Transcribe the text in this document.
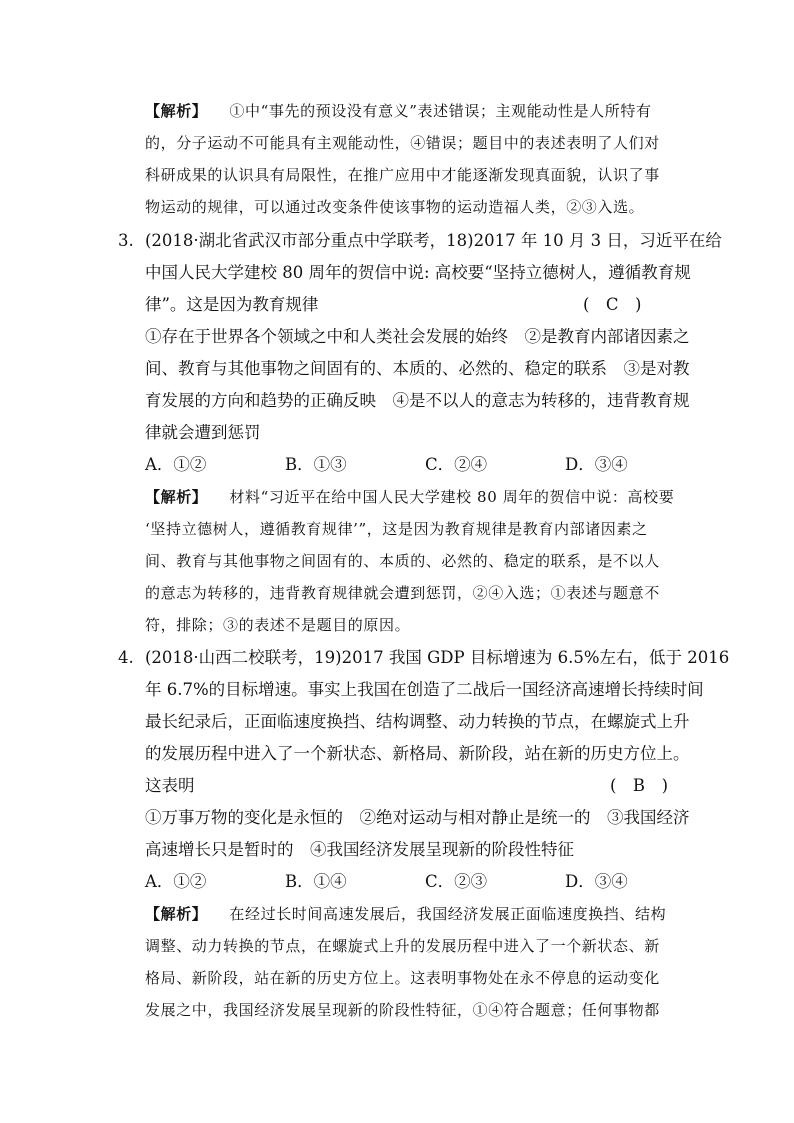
【解析】 ①中“事先的预设没有意义”表述错误；主观能动性是人所特有
的，分子运动不可能具有主观能动性，④错误；题目中的表述表明了人们对
科研成果的认识具有局限性，在推广应用中才能逐渐发现真面貌，认识了事
物运动的规律，可以通过改变条件使该事物的运动造福人类，②③入选。
3. (2018·湖北省武汉市部分重点中学联考，18)2017 年 10 月 3 日，习近平在给
中国人民大学建校 80 周年的贺信中说: 高校要“坚持立德树人，遵循教育规
律”。这是因为教育规律	(　C　)
①存在于世界各个领域之中和人类社会发展的始终　②是教育内部诸因素之
间、教育与其他事物之间固有的、本质的、必然的、稳定的联系　③是对教
育发展的方向和趋势的正确反映　④是不以人的意志为转移的，违背教育规
律就会遭到惩罚
A．①②	B．①③	C．②④	D．③④
【解析】 材料“习近平在给中国人民大学建校 80 周年的贺信中说：高校要
‘坚持立德树人，遵循教育规律’”，这是因为教育规律是教育内部诸因素之
间、教育与其他事物之间固有的、本质的、必然的、稳定的联系，是不以人
的意志为转移的，违背教育规律就会遭到惩罚，②④入选；①表述与题意不
符，排除；③的表述不是题目的原因。
4. (2018·山西二校联考，19)2017 我国 GDP 目标增速为 6.5%左右，低于 2016
年 6.7%的目标增速。事实上我国在创造了二战后一国经济高速增长持续时间
最长纪录后，正面临速度换挡、结构调整、动力转换的节点，在螺旋式上升
的发展历程中进入了一个新状态、新格局、新阶段，站在新的历史方位上。
这表明	(　B　)
①万事万物的变化是永恒的　②绝对运动与相对静止是统一的　③我国经济
高速增长只是暂时的　④我国经济发展呈现新的阶段性特征
A．①②	B．①④	C．②③	D．③④
【解析】 在经过长时间高速发展后，我国经济发展正面临速度换挡、结构
调整、动力转换的节点，在螺旋式上升的发展历程中进入了一个新状态、新
格局、新阶段，站在新的历史方位上。这表明事物处在永不停息的运动变化
发展之中，我国经济发展呈现新的阶段性特征，①④符合题意；任何事物都
